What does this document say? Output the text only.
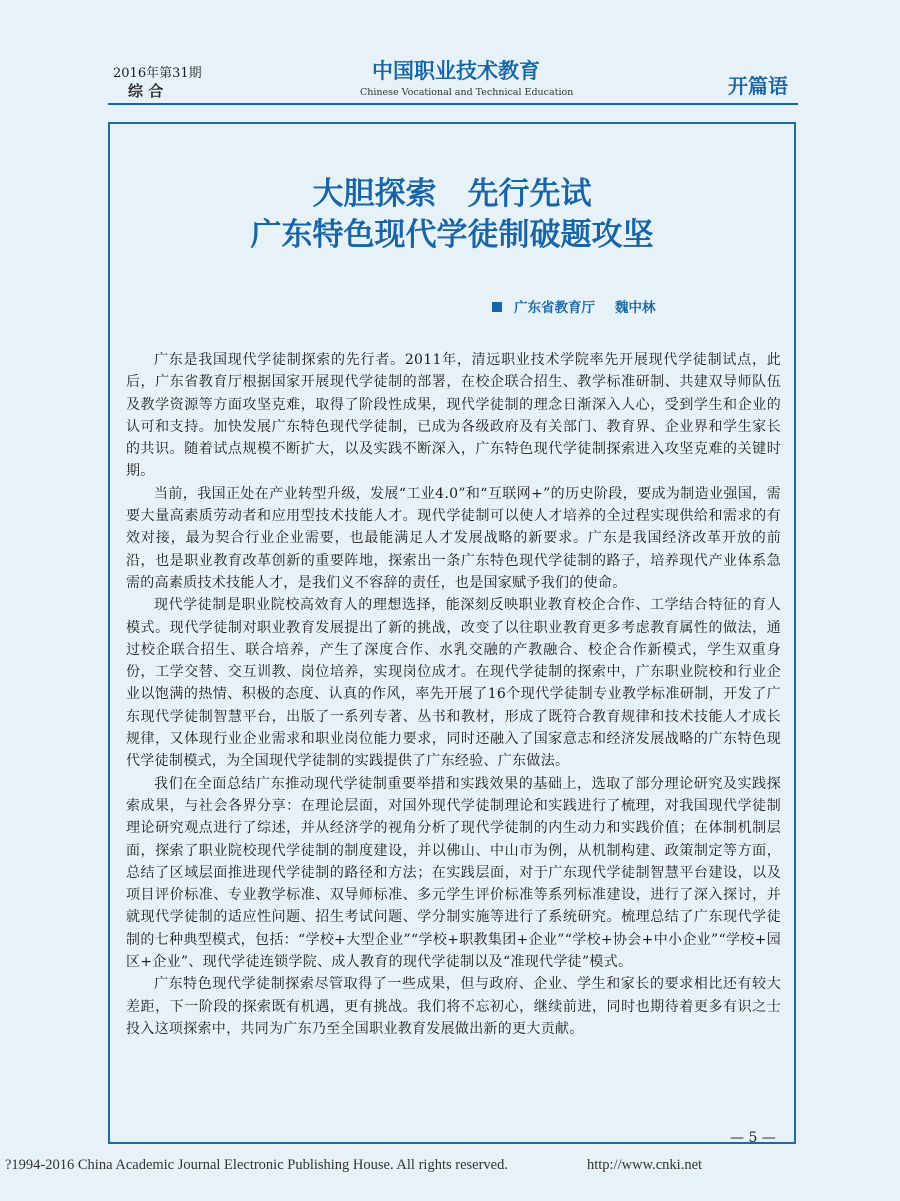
2016年第31期
综 合
中国职业技术教育
Chinese Vocational and Technical Education	开篇语
大胆探索　先行先试
广东特色现代学徒制破题攻坚
广东省教育厅 魏中林

广东是我国现代学徒制探索的先行者。2011年，清远职业技术学院率先开展现代学徒制试点，此后，广东省教育厅根据国家开展现代学徒制的部署，在校企联合招生、教学标准研制、共建双导师队伍及教学资源等方面攻坚克难，取得了阶段性成果，现代学徒制的理念日渐深入人心，受到学生和企业的认可和支持。加快发展广东特色现代学徒制，已成为各级政府及有关部门、教育界、企业界和学生家长的共识。随着试点规模不断扩大，以及实践不断深入，广东特色现代学徒制探索进入攻坚克难的关键时期。

当前，我国正处在产业转型升级，发展“工业4.0”和“互联网+”的历史阶段，要成为制造业强国，需要大量高素质劳动者和应用型技术技能人才。现代学徒制可以使人才培养的全过程实现供给和需求的有效对接，最为契合行业企业需要，也最能满足人才发展战略的新要求。广东是我国经济改革开放的前沿，也是职业教育改革创新的重要阵地，探索出一条广东特色现代学徒制的路子，培养现代产业体系急需的高素质技术技能人才，是我们义不容辞的责任，也是国家赋予我们的使命。

现代学徒制是职业院校高效育人的理想选择，能深刻反映职业教育校企合作、工学结合特征的育人模式。现代学徒制对职业教育发展提出了新的挑战，改变了以往职业教育更多考虑教育属性的做法，通过校企联合招生、联合培养，产生了深度合作、水乳交融的产教融合、校企合作新模式，学生双重身份，工学交替、交互训教、岗位培养，实现岗位成才。在现代学徒制的探索中，广东职业院校和行业企业以饱满的热情、积极的态度、认真的作风，率先开展了16个现代学徒制专业教学标准研制，开发了广东现代学徒制智慧平台，出版了一系列专著、丛书和教材，形成了既符合教育规律和技术技能人才成长规律，又体现行业企业需求和职业岗位能力要求，同时还融入了国家意志和经济发展战略的广东特色现代学徒制模式，为全国现代学徒制的实践提供了广东经验、广东做法。

我们在全面总结广东推动现代学徒制重要举措和实践效果的基础上，选取了部分理论研究及实践探索成果，与社会各界分享：在理论层面，对国外现代学徒制理论和实践进行了梳理，对我国现代学徒制理论研究观点进行了综述，并从经济学的视角分析了现代学徒制的内生动力和实践价值；在体制机制层面，探索了职业院校现代学徒制的制度建设，并以佛山、中山市为例，从机制构建、政策制定等方面，总结了区域层面推进现代学徒制的路径和方法；在实践层面，对于广东现代学徒制智慧平台建设，以及项目评价标准、专业教学标准、双导师标准、多元学生评价标准等系列标准建设，进行了深入探讨，并就现代学徒制的适应性问题、招生考试问题、学分制实施等进行了系统研究。梳理总结了广东现代学徒制的七种典型模式，包括：“学校+大型企业”“学校+职教集团+企业”“学校+协会+中小企业”“学校+园区+企业”、现代学徒连锁学院、成人教育的现代学徒制以及“准现代学徒”模式。

广东特色现代学徒制探索尽管取得了一些成果，但与政府、企业、学生和家长的要求相比还有较大差距，下一阶段的探索既有机遇，更有挑战。我们将不忘初心，继续前进，同时也期待着更多有识之士投入这项探索中，共同为广东乃至全国职业教育发展做出新的更大贡献。

— 5 —
?1994-2016 China Academic Journal Electronic Publishing House. All rights reserved.	http://www.cnki.net
